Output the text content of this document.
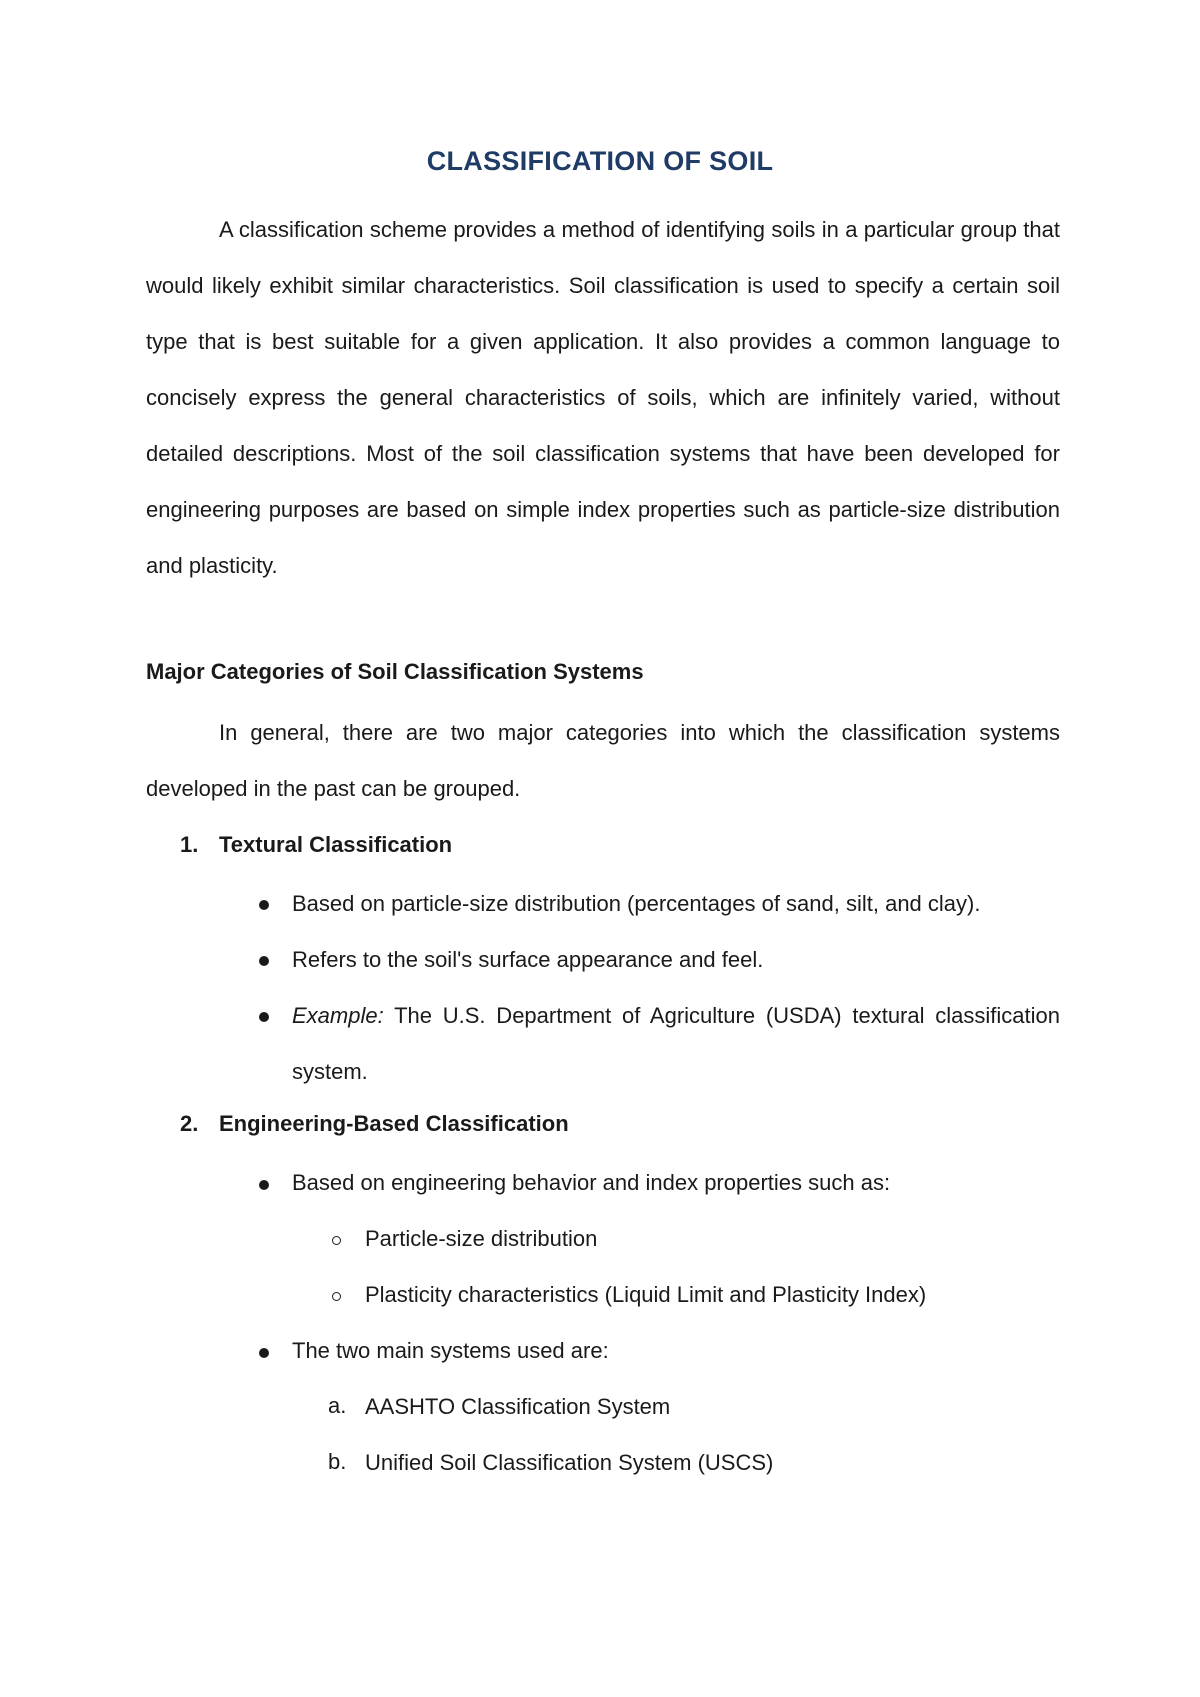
CLASSIFICATION OF SOIL

A classification scheme provides a method of identifying soils in a particular group that would likely exhibit similar characteristics. Soil classification is used to specify a certain soil type that is best suitable for a given application. It also provides a common language to concisely express the general characteristics of soils, which are infinitely varied, without detailed descriptions. Most of the soil classification systems that have been developed for engineering purposes are based on simple index properties such as particle-size distribution and plasticity.

Major Categories of Soil Classification Systems

In general, there are two major categories into which the classification systems developed in the past can be grouped.

1. Textural Classification
Based on particle-size distribution (percentages of sand, silt, and clay).
Refers to the soil's surface appearance and feel.

Example: The U.S. Department of Agriculture (USDA) textural classification system.

2. Engineering-Based Classification
Based on engineering behavior and index properties such as:
Particle-size distribution
Plasticity characteristics (Liquid Limit and Plasticity Index)
The two main systems used are:
a. AASHTO Classification System
b. Unified Soil Classification System (USCS)
